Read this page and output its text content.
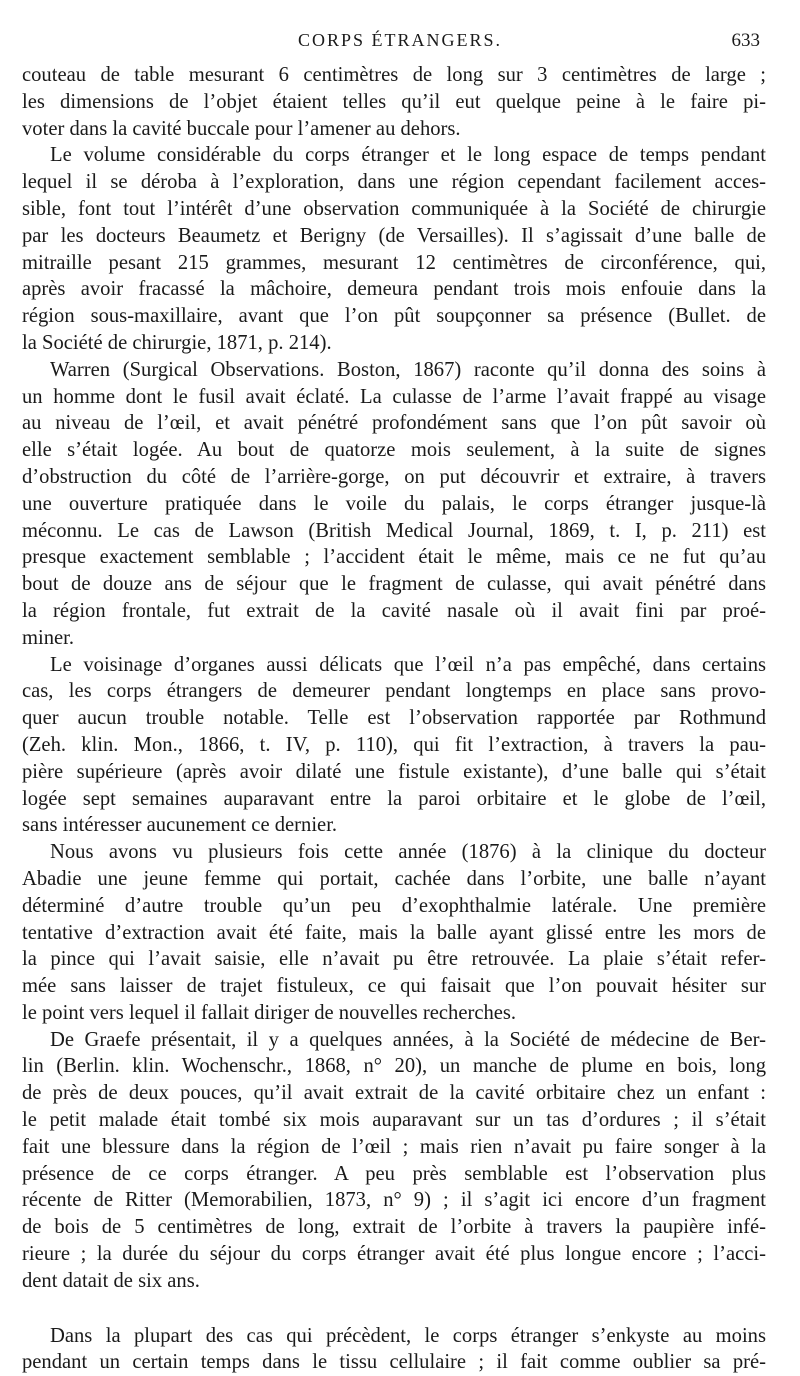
CORPS ÉTRANGERS.	633

couteau de table mesurant 6 centimètres de long sur 3 centimètres de large ;
les dimensions de l’objet étaient telles qu’il eut quelque peine à le faire pi-
voter dans la cavité buccale pour l’amener au dehors.

Le volume considérable du corps étranger et le long espace de temps pendant
lequel il se déroba à l’exploration, dans une région cependant facilement acces-
sible, font tout l’intérêt d’une observation communiquée à la Société de chirurgie
par les docteurs Beaumetz et Berigny (de Versailles). Il s’agissait d’une balle de
mitraille pesant 215 grammes, mesurant 12 centimètres de circonférence, qui,
après avoir fracassé la mâchoire, demeura pendant trois mois enfouie dans la
région sous-maxillaire, avant que l’on pût soupçonner sa présence (Bullet. de
la Société de chirurgie, 1871, p. 214).

Warren (Surgical Observations. Boston, 1867) raconte qu’il donna des soins à
un homme dont le fusil avait éclaté. La culasse de l’arme l’avait frappé au visage
au niveau de l’œil, et avait pénétré profondément sans que l’on pût savoir où
elle s’était logée. Au bout de quatorze mois seulement, à la suite de signes
d’obstruction du côté de l’arrière-gorge, on put découvrir et extraire, à travers
une ouverture pratiquée dans le voile du palais, le corps étranger jusque-là
méconnu. Le cas de Lawson (British Medical Journal, 1869, t. I, p. 211) est
presque exactement semblable ; l’accident était le même, mais ce ne fut qu’au
bout de douze ans de séjour que le fragment de culasse, qui avait pénétré dans
la région frontale, fut extrait de la cavité nasale où il avait fini par proé-
miner.

Le voisinage d’organes aussi délicats que l’œil n’a pas empêché, dans certains
cas, les corps étrangers de demeurer pendant longtemps en place sans provo-
quer aucun trouble notable. Telle est l’observation rapportée par Rothmund
(Zeh. klin. Mon., 1866, t. IV, p. 110), qui fit l’extraction, à travers la pau-
pière supérieure (après avoir dilaté une fistule existante), d’une balle qui s’était
logée sept semaines auparavant entre la paroi orbitaire et le globe de l’œil,
sans intéresser aucunement ce dernier.

Nous avons vu plusieurs fois cette année (1876) à la clinique du docteur
Abadie une jeune femme qui portait, cachée dans l’orbite, une balle n’ayant
déterminé d’autre trouble qu’un peu d’exophthalmie latérale. Une première
tentative d’extraction avait été faite, mais la balle ayant glissé entre les mors de
la pince qui l’avait saisie, elle n’avait pu être retrouvée. La plaie s’était refer-
mée sans laisser de trajet fistuleux, ce qui faisait que l’on pouvait hésiter sur
le point vers lequel il fallait diriger de nouvelles recherches.

De Graefe présentait, il y a quelques années, à la Société de médecine de Ber-
lin (Berlin. klin. Wochenschr., 1868, n° 20), un manche de plume en bois, long
de près de deux pouces, qu’il avait extrait de la cavité orbitaire chez un enfant :
le petit malade était tombé six mois auparavant sur un tas d’ordures ; il s’était
fait une blessure dans la région de l’œil ; mais rien n’avait pu faire songer à la
présence de ce corps étranger. A peu près semblable est l’observation plus
récente de Ritter (Memorabilien, 1873, n° 9) ; il s’agit ici encore d’un fragment
de bois de 5 centimètres de long, extrait de l’orbite à travers la paupière infé-
rieure ; la durée du séjour du corps étranger avait été plus longue encore ; l’acci-
dent datait de six ans.

Dans la plupart des cas qui précèdent, le corps étranger s’enkyste au moins
pendant un certain temps dans le tissu cellulaire ; il fait comme oublier sa pré-
